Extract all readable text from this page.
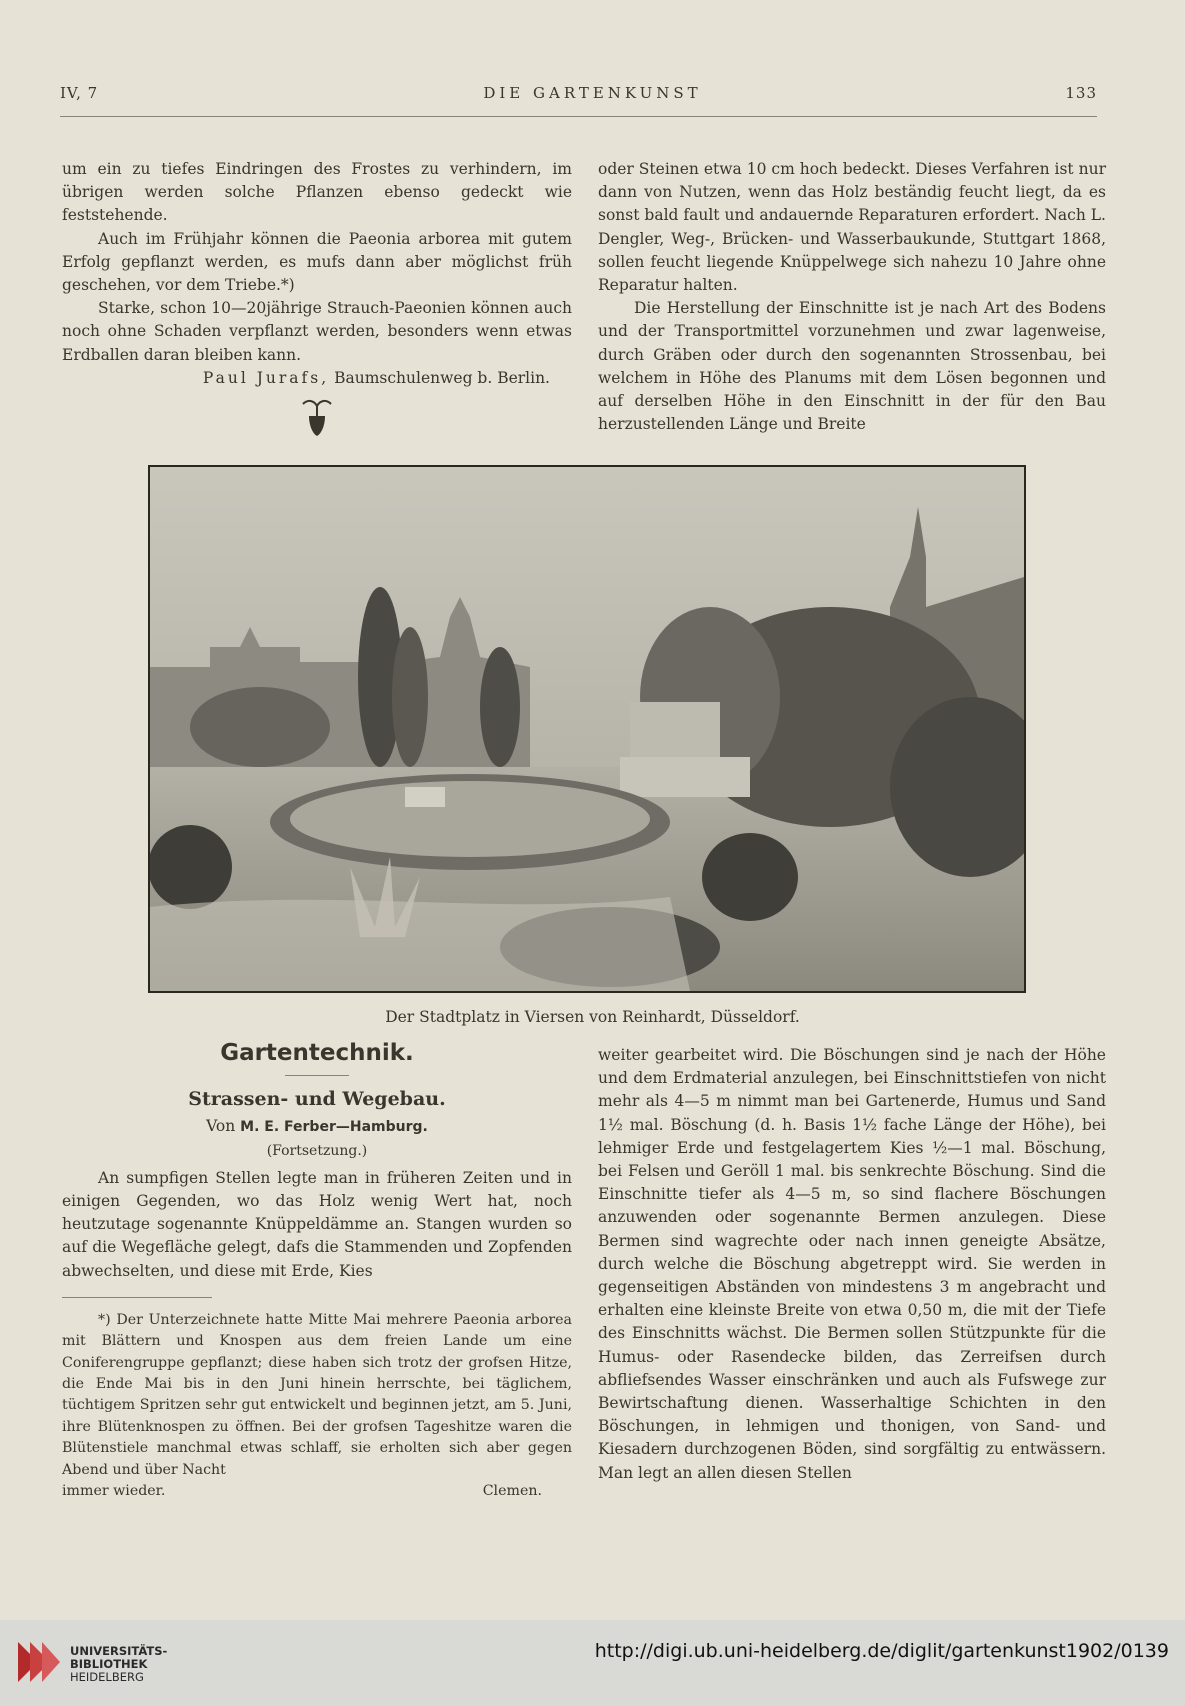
DIE GARTENKUNST
IV, 7	133

um ein zu tiefes Eindringen des Frostes zu verhindern, im übrigen werden solche Pflanzen ebenso gedeckt wie feststehende.

Auch im Frühjahr können die Paeonia arborea mit gutem Erfolg gepflanzt werden, es mufs dann aber möglichst früh geschehen, vor dem Triebe.*)

Starke, schon 10—20jährige Strauch-Paeonien können auch noch ohne Schaden verpflanzt werden, besonders wenn etwas Erdballen daran bleiben kann.

Paul Jurafs, Baumschulenweg b. Berlin.

oder Steinen etwa 10 cm hoch bedeckt. Dieses Verfahren ist nur dann von Nutzen, wenn das Holz beständig feucht liegt, da es sonst bald fault und andauernde Reparaturen erfordert. Nach L. Dengler, Weg-, Brücken- und Wasserbaukunde, Stuttgart 1868, sollen feucht liegende Knüppelwege sich nahezu 10 Jahre ohne Reparatur halten.

Die Herstellung der Einschnitte ist je nach Art des Bodens und der Transportmittel vorzunehmen und zwar lagenweise, durch Gräben oder durch den sogenannten Strossenbau, bei welchem in Höhe des Planums mit dem Lösen begonnen und auf derselben Höhe in den Einschnitt in der für den Bau herzustellenden Länge und Breite

Der Stadtplatz in Viersen von Reinhardt, Düsseldorf.
Gartentechnik.
Strassen- und Wegebau.

Von M. E. Ferber—Hamburg.

(Fortsetzung.)

An sumpfigen Stellen legte man in früheren Zeiten und in einigen Gegenden, wo das Holz wenig Wert hat, noch heutzutage sogenannte Knüppeldämme an. Stangen wurden so auf die Wegefläche gelegt, dafs die Stammenden und Zopfenden abwechselten, und diese mit Erde, Kies

*) Der Unterzeichnete hatte Mitte Mai mehrere Paeonia arborea mit Blättern und Knospen aus dem freien Lande um eine Coniferengruppe gepflanzt; diese haben sich trotz der grofsen Hitze, die Ende Mai bis in den Juni hinein herrschte, bei täglichem, tüchtigem Spritzen sehr gut entwickelt und beginnen jetzt, am 5. Juni, ihre Blütenknospen zu öffnen. Bei der grofsen Tageshitze waren die Blütenstiele manchmal etwas schlaff, sie erholten sich aber gegen Abend und über Nacht

immer wieder.	Clemen.

weiter gearbeitet wird. Die Böschungen sind je nach der Höhe und dem Erdmaterial anzulegen, bei Einschnittstiefen von nicht mehr als 4—5 m nimmt man bei Gartenerde, Humus und Sand 1½ mal. Böschung (d. h. Basis 1½ fache Länge der Höhe), bei lehmiger Erde und festgelagertem Kies ½—1 mal. Böschung, bei Felsen und Geröll 1 mal. bis senkrechte Böschung. Sind die Einschnitte tiefer als 4—5 m, so sind flachere Böschungen anzuwenden oder sogenannte Bermen anzulegen. Diese Bermen sind wagrechte oder nach innen geneigte Absätze, durch welche die Böschung abgetreppt wird. Sie werden in gegenseitigen Abständen von mindestens 3 m angebracht und erhalten eine kleinste Breite von etwa 0,50 m, die mit der Tiefe des Einschnitts wächst. Die Bermen sollen Stützpunkte für die Humus- oder Rasendecke bilden, das Zerreifsen durch abfliefsendes Wasser einschränken und auch als Fufswege zur Bewirtschaftung dienen. Wasserhaltige Schichten in den Böschungen, in lehmigen und thonigen, von Sand- und Kiesadern durchzogenen Böden, sind sorgfältig zu entwässern. Man legt an allen diesen Stellen

UNIVERSITÄTS-
BIBLIOTHEK
HEIDELBERG
http://digi.ub.uni-heidelberg.de/diglit/gartenkunst1902/0139
